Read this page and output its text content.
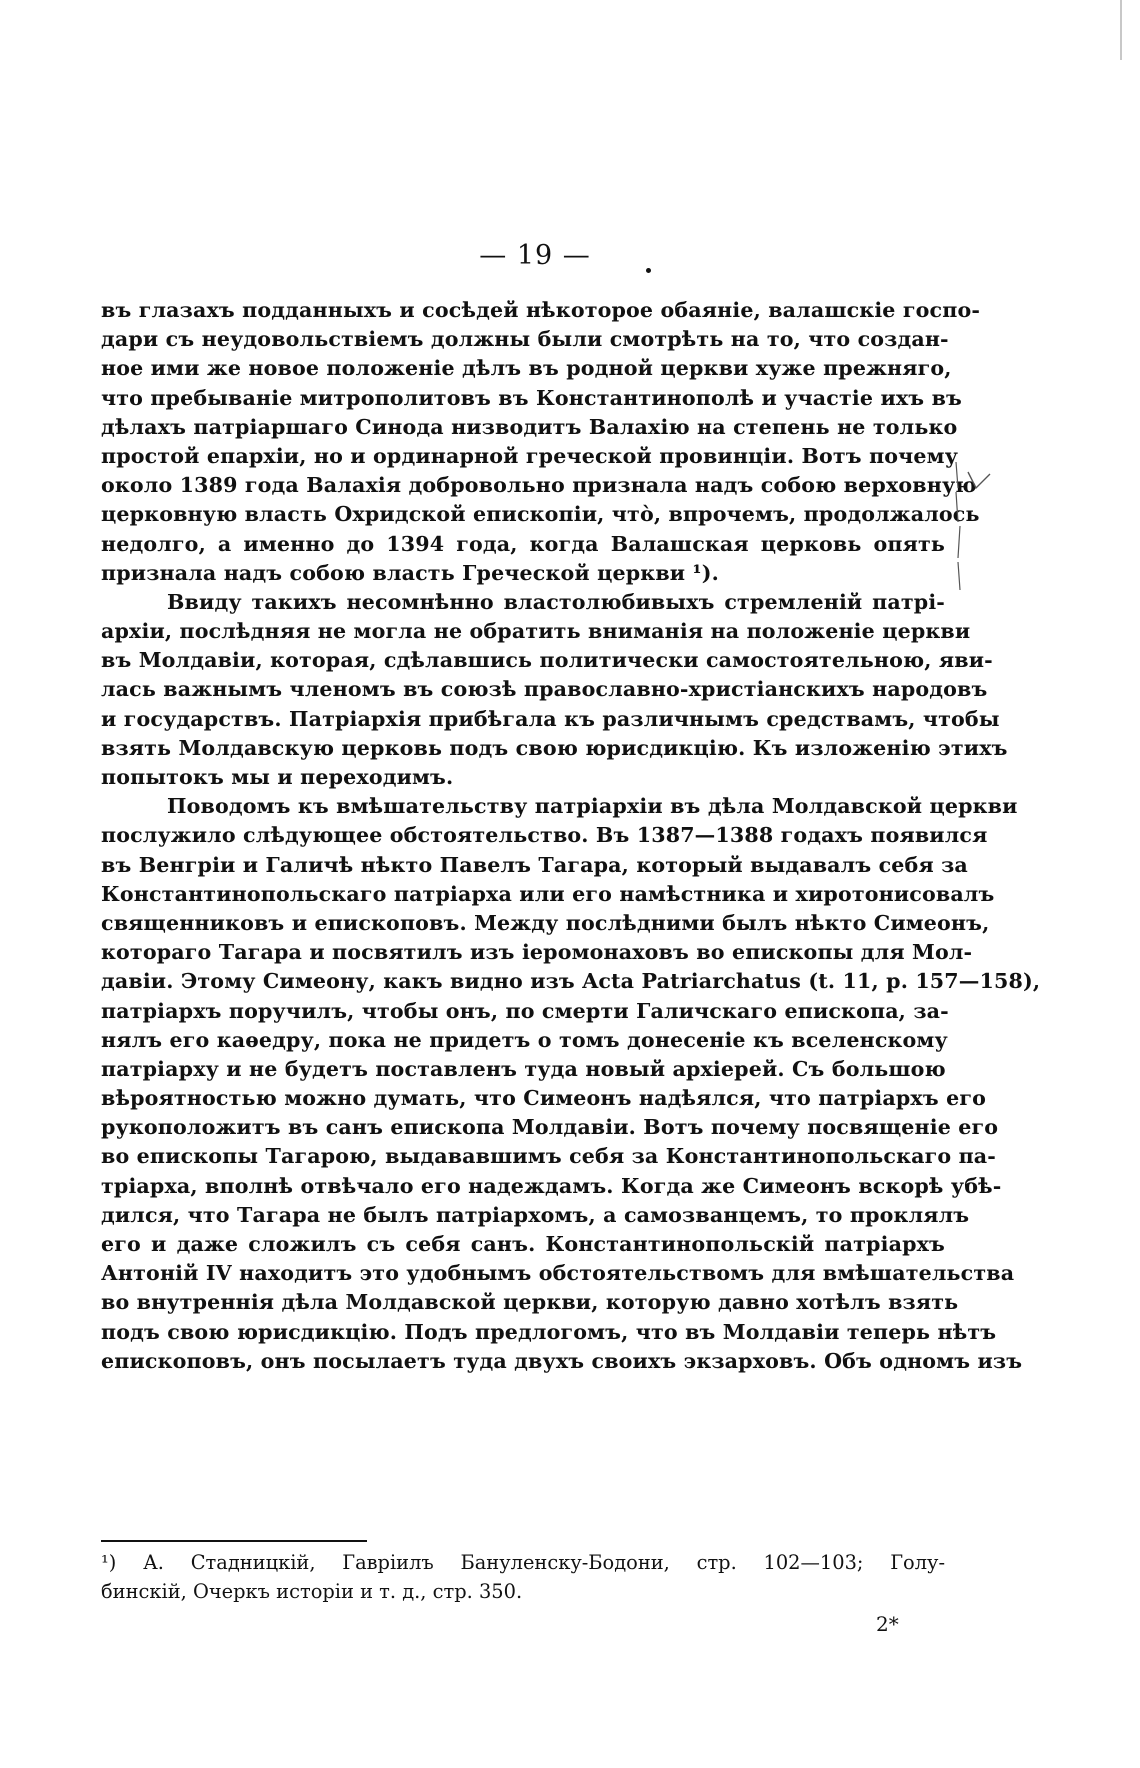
— 19 —
въ глазахъ подданныхъ и сосѣдей нѣкоторое обаяніе, валашскіе госпо-
дари съ неудовольствіемъ должны были смотрѣть на то, что создан-
ное ими же новое положеніе дѣлъ въ родной церкви хуже прежняго,
что пребываніе митрополитовъ въ Константинополѣ и участіе ихъ въ
дѣлахъ патріаршаго Синода низводитъ Валахію на степень не только
простой епархіи, но и ординарной греческой провинціи. Вотъ почему
около 1389 года Валахія добровольно признала надъ собою верховную
церковную власть Охридской епископіи, что̀, впрочемъ, продолжалось
недолго, а именно до 1394 года, когда Валашская церковь опять
признала надъ собою власть Греческой церкви ¹).
Ввиду такихъ несомнѣнно властолюбивыхъ стремленій патрі-
архіи, послѣдняя не могла не обратить вниманія на положеніе церкви
въ Молдавіи, которая, сдѣлавшись политически самостоятельною, яви-
лась важнымъ членомъ въ союзѣ православно-христіанскихъ народовъ
и государствъ. Патріархія прибѣгала къ различнымъ средствамъ, чтобы
взять Молдавскую церковь подъ свою юрисдикцію. Къ изложенію этихъ
попытокъ мы и переходимъ.
Поводомъ къ вмѣшательству патріархіи въ дѣла Молдавской церкви
послужило слѣдующее обстоятельство. Въ 1387—1388 годахъ появился
въ Венгріи и Галичѣ нѣкто Павелъ Тагара, который выдавалъ себя за
Константинопольскаго патріарха или его намѣстника и хиротонисовалъ
священниковъ и епископовъ. Между послѣдними былъ нѣкто Симеонъ,
котораго Тагара и посвятилъ изъ іеромонаховъ во епископы для Мол-
давіи. Этому Симеону, какъ видно изъ Acta Patriarchatus (t. 11, p. 157—158),
патріархъ поручилъ, чтобы онъ, по смерти Галичскаго епископа, за-
нялъ его каѳедру, пока не придетъ о томъ донесеніе къ вселенскому
патріарху и не будетъ поставленъ туда новый архіерей. Съ большою
вѣроятностью можно думать, что Симеонъ надѣялся, что патріархъ его
рукоположитъ въ санъ епископа Молдавіи. Вотъ почему посвященіе его
во епископы Тагарою, выдававшимъ себя за Константинопольскаго па-
тріарха, вполнѣ отвѣчало его надеждамъ. Когда же Симеонъ вскорѣ убѣ-
дился, что Тагара не былъ патріархомъ, а самозванцемъ, то проклялъ
его и даже сложилъ съ себя санъ. Константинопольскій патріархъ
Антоній IV находитъ это удобнымъ обстоятельствомъ для вмѣшательства
во внутреннія дѣла Молдавской церкви, которую давно хотѣлъ взять
подъ свою юрисдикцію. Подъ предлогомъ, что въ Молдавіи теперь нѣтъ
епископовъ, онъ посылаетъ туда двухъ своихъ экзарховъ. Объ одномъ изъ
¹) А. Стадницкій, Гавріилъ Бануленску-Бодони, стр. 102—103; Голу-
бинскій, Очеркъ исторіи и т. д., стр. 350.
2*
